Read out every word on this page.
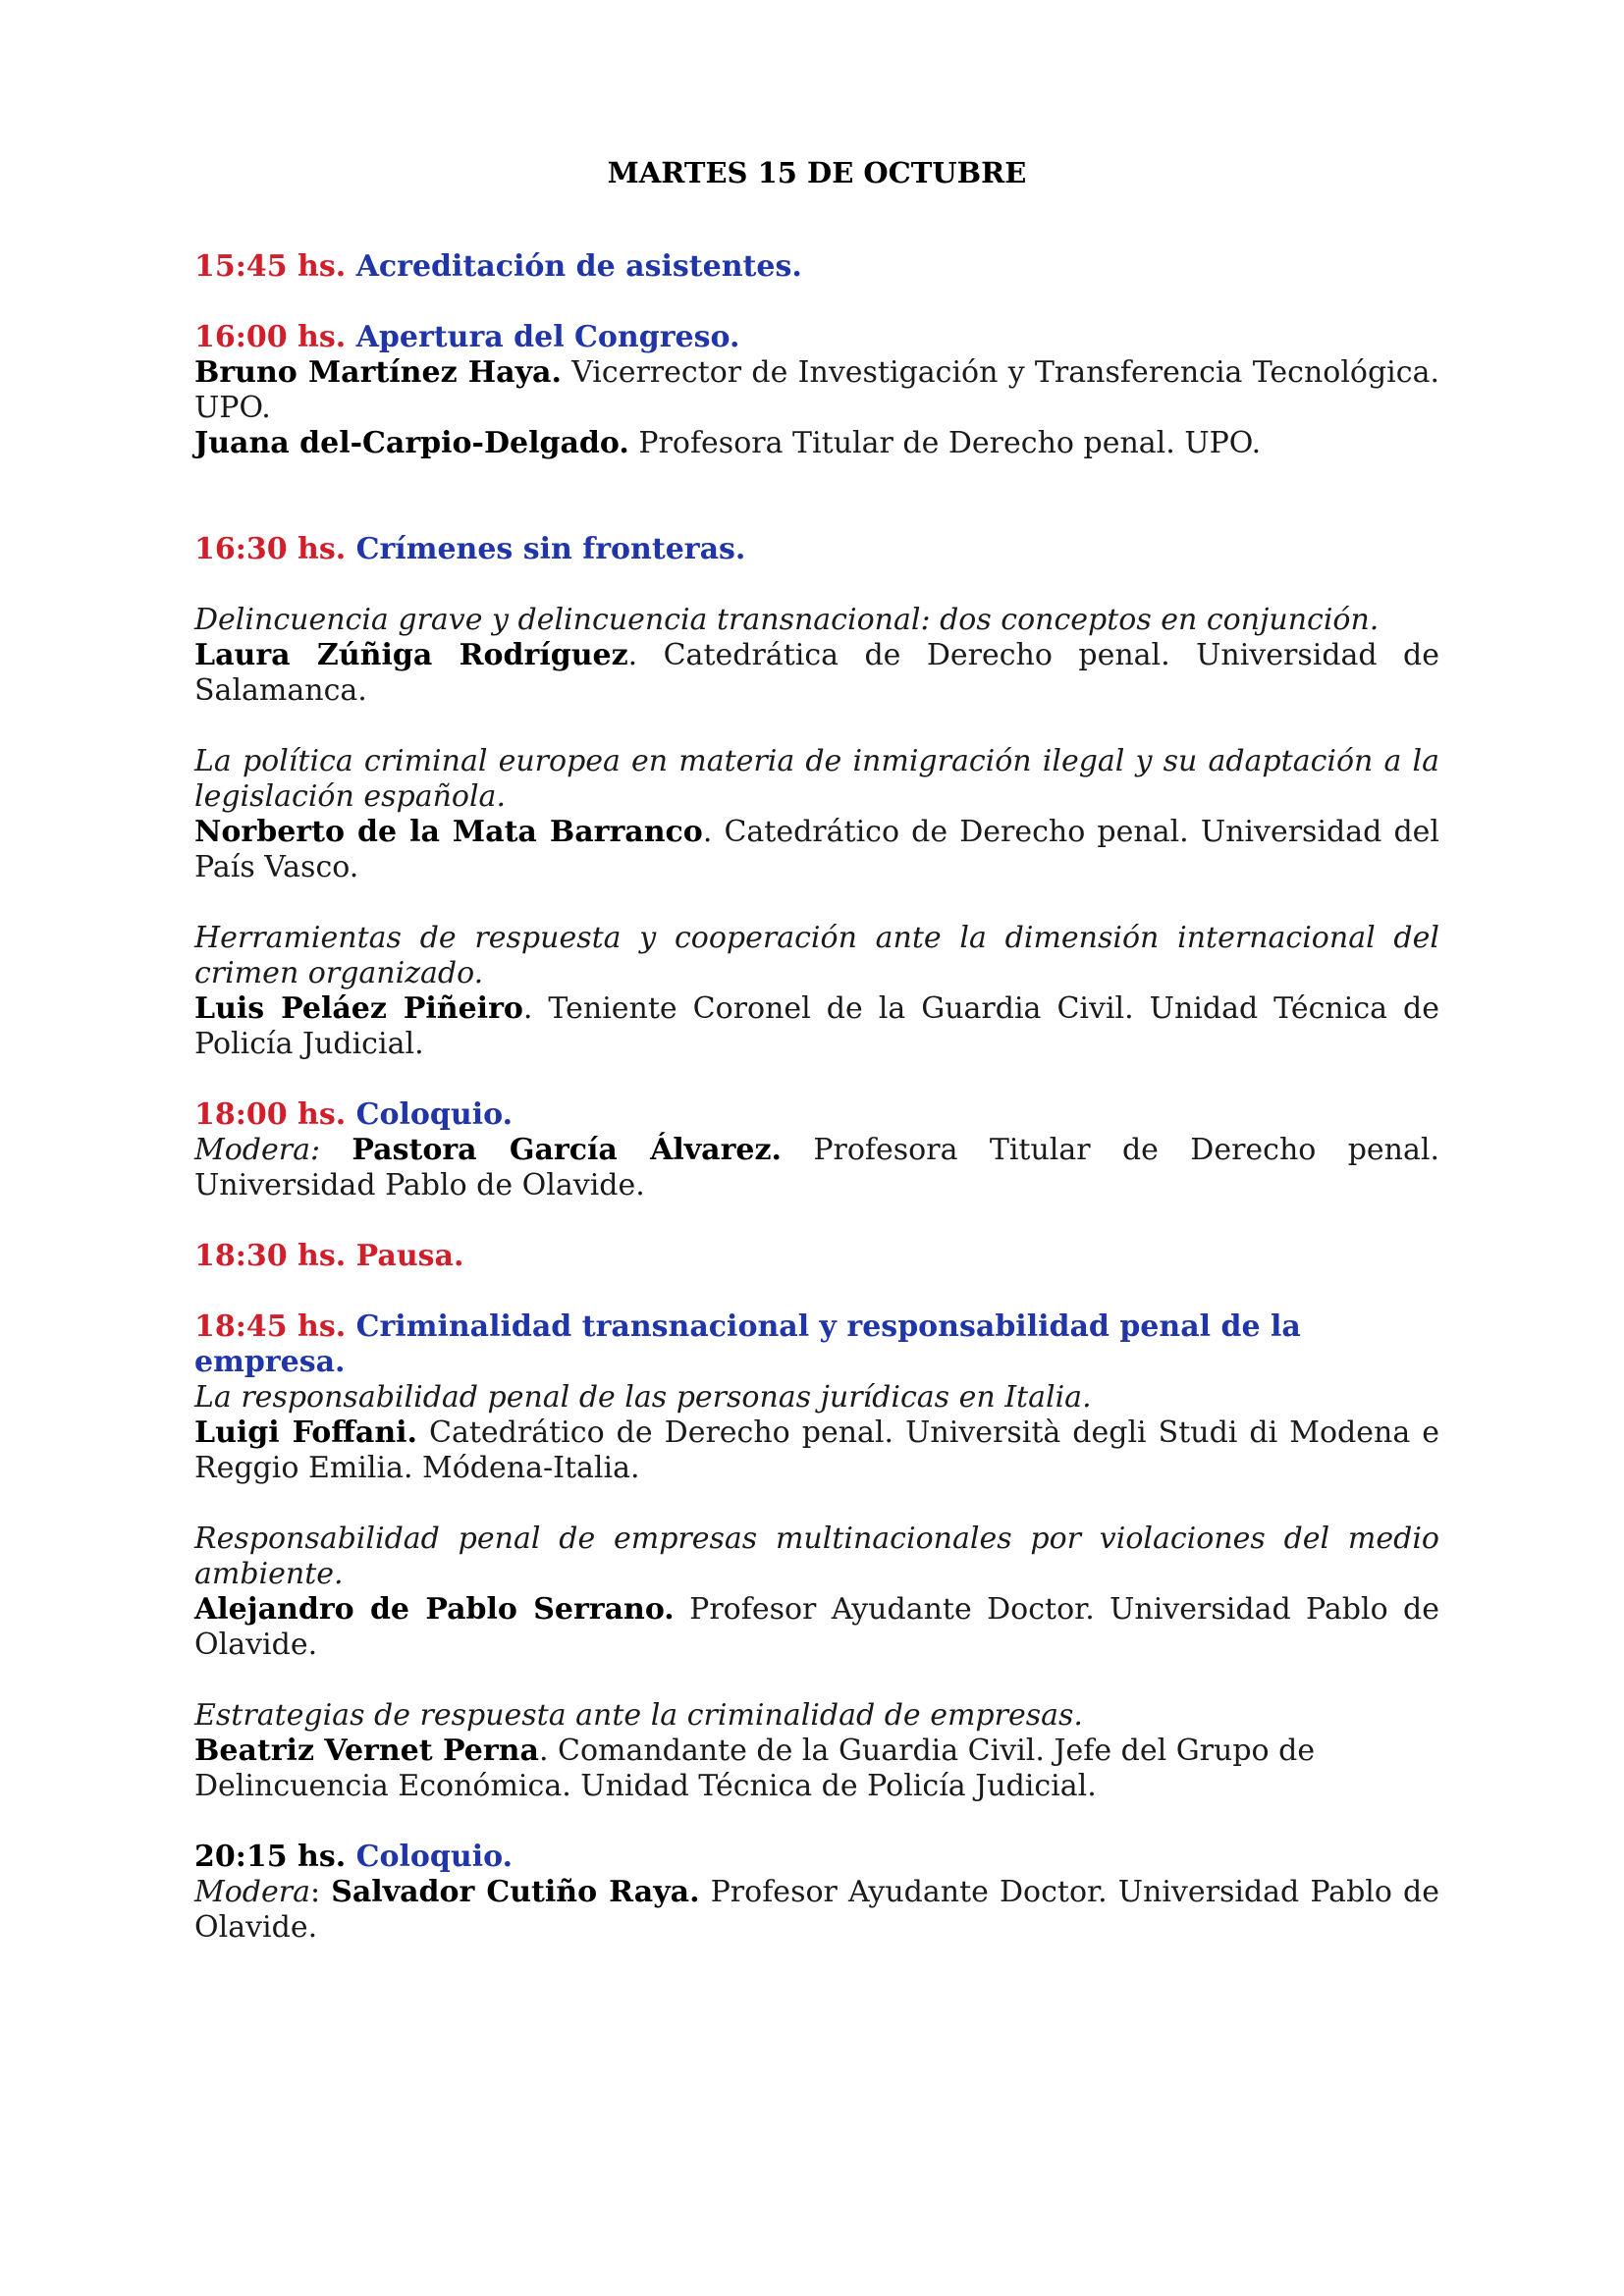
MARTES 15 DE OCTUBRE
15:45 hs. Acreditación de asistentes.
16:00 hs. Apertura del Congreso.
Bruno Martínez Haya. Vicerrector de Investigación y Transferencia Tecnológica. UPO.
Juana del-Carpio-Delgado. Profesora Titular de Derecho penal. UPO.
16:30 hs. Crímenes sin fronteras.
Delincuencia grave y delincuencia transnacional: dos conceptos en conjunción.
Laura Zúñiga Rodríguez. Catedrática de Derecho penal. Universidad de Salamanca.
La política criminal europea en materia de inmigración ilegal y su adaptación a la legislación española.
Norberto de la Mata Barranco. Catedrático de Derecho penal. Universidad del País Vasco.
Herramientas de respuesta y cooperación ante la dimensión internacional del crimen organizado.
Luis Peláez Piñeiro. Teniente Coronel de la Guardia Civil. Unidad Técnica de Policía Judicial.
18:00 hs. Coloquio.
Modera: Pastora García Álvarez. Profesora Titular de Derecho penal. Universidad Pablo de Olavide.
18:30 hs. Pausa.
18:45 hs. Criminalidad transnacional y responsabilidad penal de la empresa.
La responsabilidad penal de las personas jurídicas en Italia.
Luigi Foffani. Catedrático de Derecho penal. Università degli Studi di Modena e Reggio Emilia. Módena-Italia.
Responsabilidad penal de empresas multinacionales por violaciones del medio ambiente.
Alejandro de Pablo Serrano. Profesor Ayudante Doctor. Universidad Pablo de Olavide.
Estrategias de respuesta ante la criminalidad de empresas.
Beatriz Vernet Perna. Comandante de la Guardia Civil. Jefe del Grupo de
Delincuencia Económica. Unidad Técnica de Policía Judicial.
20:15 hs. Coloquio.
Modera: Salvador Cutiño Raya. Profesor Ayudante Doctor. Universidad Pablo de Olavide.
